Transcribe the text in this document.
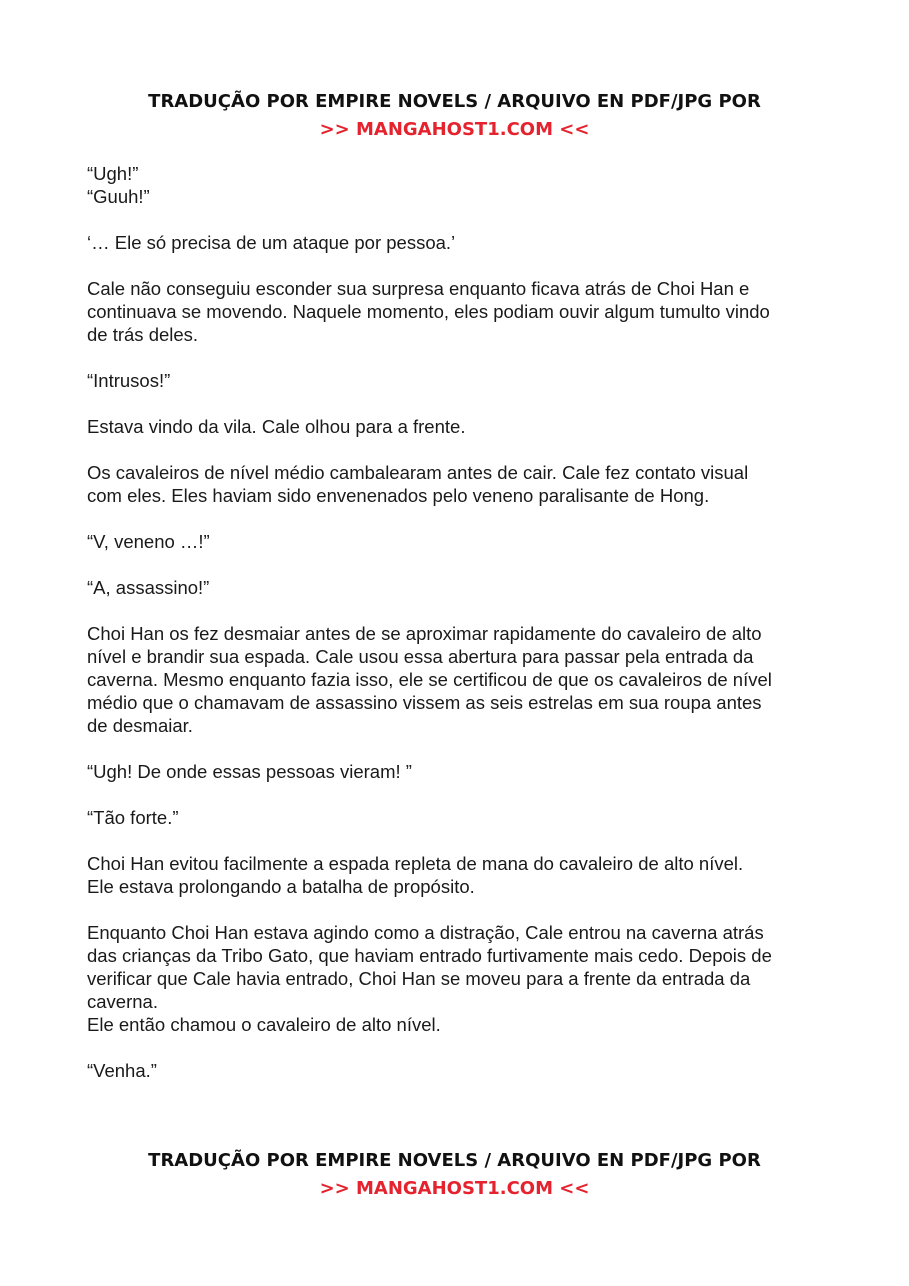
TRADUÇÃO POR EMPIRE NOVELS / ARQUIVO EN PDF/JPG POR
>> MANGAHOST1.COM <<

“Ugh!”
“Guuh!”

‘… Ele só precisa de um ataque por pessoa.’

Cale não conseguiu esconder sua surpresa enquanto ficava atrás de Choi Han e
continuava se movendo. Naquele momento, eles podiam ouvir algum tumulto vindo
de trás deles.

“Intrusos!”

Estava vindo da vila. Cale olhou para a frente.

Os cavaleiros de nível médio cambalearam antes de cair. Cale fez contato visual
com eles. Eles haviam sido envenenados pelo veneno paralisante de Hong.

“V, veneno …!”

“A, assassino!”

Choi Han os fez desmaiar antes de se aproximar rapidamente do cavaleiro de alto
nível e brandir sua espada. Cale usou essa abertura para passar pela entrada da
caverna. Mesmo enquanto fazia isso, ele se certificou de que os cavaleiros de nível
médio que o chamavam de assassino vissem as seis estrelas em sua roupa antes
de desmaiar.

“Ugh! De onde essas pessoas vieram! ”

“Tão forte.”

Choi Han evitou facilmente a espada repleta de mana do cavaleiro de alto nível.
Ele estava prolongando a batalha de propósito.

Enquanto Choi Han estava agindo como a distração, Cale entrou na caverna atrás
das crianças da Tribo Gato, que haviam entrado furtivamente mais cedo. Depois de
verificar que Cale havia entrado, Choi Han se moveu para a frente da entrada da
caverna.
Ele então chamou o cavaleiro de alto nível.

“Venha.”

TRADUÇÃO POR EMPIRE NOVELS / ARQUIVO EN PDF/JPG POR
>> MANGAHOST1.COM <<
